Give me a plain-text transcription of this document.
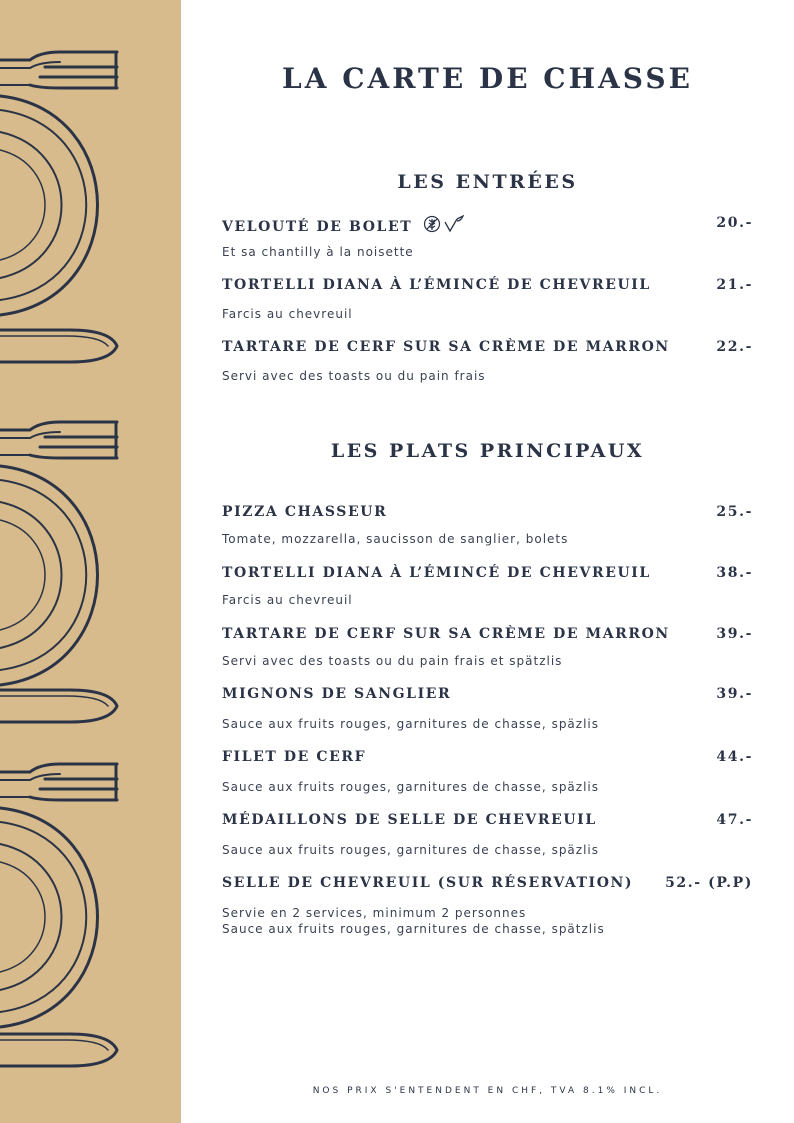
LA CARTE DE CHASSE
LES ENTRÉES
VELOUTÉ DE BOLET	20.-
Et sa chantilly à la noisette
TORTELLI DIANA À L’ÉMINCÉ DE CHEVREUIL	21.-
Farcis au chevreuil
TARTARE DE CERF SUR SA CRÈME DE MARRON	22.-
Servi avec des toasts ou du pain frais
LES PLATS PRINCIPAUX
PIZZA CHASSEUR	25.-
Tomate, mozzarella, saucisson de sanglier, bolets
TORTELLI DIANA À L’ÉMINCÉ DE CHEVREUIL	38.-
Farcis au chevreuil
TARTARE DE CERF SUR SA CRÈME DE MARRON	39.-
Servi avec des toasts ou du pain frais et spätzlis
MIGNONS DE SANGLIER	39.-
Sauce aux fruits rouges, garnitures de chasse, späzlis
FILET DE CERF	44.-
Sauce aux fruits rouges, garnitures de chasse, späzlis
MÉDAILLONS DE SELLE DE CHEVREUIL	47.-
Sauce aux fruits rouges, garnitures de chasse, späzlis
SELLE DE CHEVREUIL (SUR RÉSERVATION) 52.- (P.P)
Servie en 2 services, minimum 2 personnes
Sauce aux fruits rouges, garnitures de chasse, spätzlis
NOS PRIX S'ENTENDENT EN CHF, TVA 8.1% INCL.
